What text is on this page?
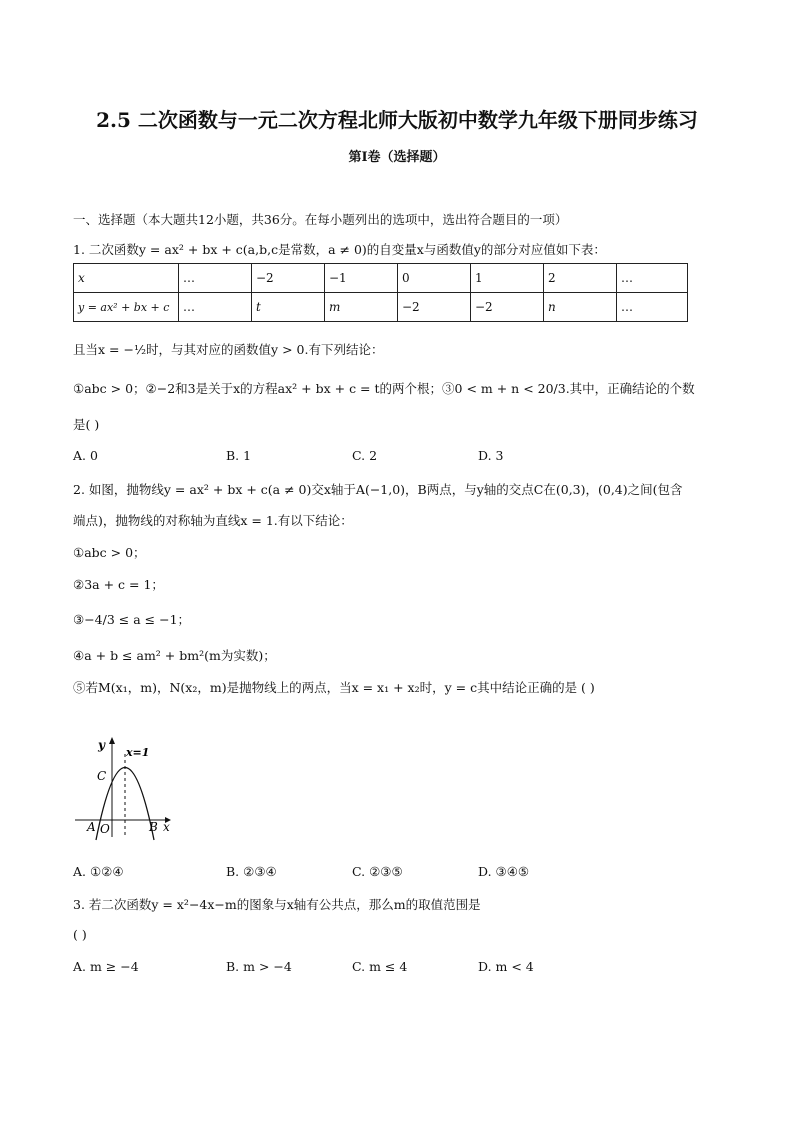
2.5 二次函数与一元二次方程北师大版初中数学九年级下册同步练习
第I卷（选择题）
一、选择题（本大题共12小题，共36分。在每小题列出的选项中，选出符合题目的一项）
1. 二次函数y = ax² + bx + c(a,b,c是常数，a ≠ 0)的自变量x与函数值y的部分对应值如下表：
x	…	−2	−1	0	1	2	…
y = ax² + bx + c	…	t	m	−2	−2	n	…
且当x = −½时，与其对应的函数值y > 0.有下列结论：
①abc > 0；②−2和3是关于x的方程ax² + bx + c = t的两个根；③0 < m + n < 20/3.其中，正确结论的个数
是( )
A. 0	B. 1	C. 2	D. 3
2. 如图，抛物线y = ax² + bx + c(a ≠ 0)交x轴于A(−1,0)，B两点，与y轴的交点C在(0,3)，(0,4)之间(包含
端点)，抛物线的对称轴为直线x = 1.有以下结论：
①abc > 0；
②3a + c = 1；
③−4/3 ≤ a ≤ −1；
④a + b ≤ am² + bm²(m为实数)；
⑤若M(x₁，m)，N(x₂，m)是抛物线上的两点，当x = x₁ + x₂时，y = c其中结论正确的是 ( )
y
x=1
C
A O	B x
A. ①②④	B. ②③④	C. ②③⑤	D. ③④⑤
3. 若二次函数y = x²−4x−m的图象与x轴有公共点，那么m的取值范围是
( )
A. m ≥ −4	B. m > −4	C. m ≤ 4	D. m < 4
